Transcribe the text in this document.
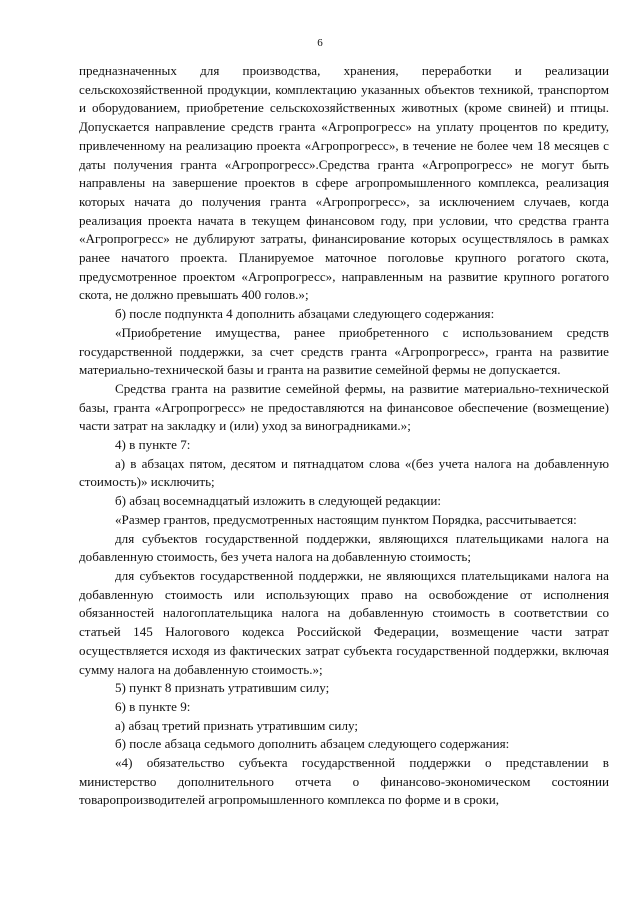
6

предназначенных для производства, хранения, переработки и реализации сельскохозяйственной продукции, комплектацию указанных объектов техникой, транспортом и оборудованием, приобретение сельскохозяйственных животных (кроме свиней) и птицы. Допускается направление средств гранта «Агропрогресс» на уплату процентов по кредиту, привлеченному на реализацию проекта «Агропрогресс», в течение не более чем 18 месяцев с даты получения гранта «Агропрогресс».Средства гранта «Агропрогресс» не могут быть направлены на завершение проектов в сфере агропромышленного комплекса, реализация которых начата до получения гранта «Агропрогресс», за исключением случаев, когда реализация проекта начата в текущем финансовом году, при условии, что средства гранта «Агропрогресс» не дублируют затраты, финансирование которых осуществлялось в рамках ранее начатого проекта. Планируемое маточное поголовье крупного рогатого скота, предусмотренное проектом «Агропрогресс», направленным на развитие крупного рогатого скота, не должно превышать 400 голов.»;

б) после подпункта 4 дополнить абзацами следующего содержания:

«Приобретение имущества, ранее приобретенного с использованием средств государственной поддержки, за счет средств гранта «Агропрогресс», гранта на развитие материально-технической базы и гранта на развитие семейной фермы не допускается.

Средства гранта на развитие семейной фермы, на развитие материально-технической базы, гранта «Агропрогресс» не предоставляются на финансовое обеспечение (возмещение) части затрат на закладку и (или) уход за виноградниками.»;

4) в пункте 7:

а) в абзацах пятом, десятом и пятнадцатом слова «(без учета налога на добавленную стоимость)» исключить;

б) абзац восемнадцатый изложить в следующей редакции:

«Размер грантов, предусмотренных настоящим пунктом Порядка, рассчитывается:

для субъектов государственной поддержки, являющихся плательщиками налога на добавленную стоимость, без учета налога на добавленную стоимость;

для субъектов государственной поддержки, не являющихся плательщиками налога на добавленную стоимость или использующих право на освобождение от исполнения обязанностей налогоплательщика налога на добавленную стоимость в соответствии со статьей 145 Налогового кодекса Российской Федерации, возмещение части затрат осуществляется исходя из фактических затрат субъекта государственной поддержки, включая сумму налога на добавленную стоимость.»;

5) пункт 8 признать утратившим силу;

6) в пункте 9:

а) абзац третий признать утратившим силу;

б) после абзаца седьмого дополнить абзацем следующего содержания:

«4) обязательство субъекта государственной поддержки о представлении в министерство дополнительного отчета о финансово-экономическом состоянии товаропроизводителей агропромышленного комплекса по форме и в сроки,
